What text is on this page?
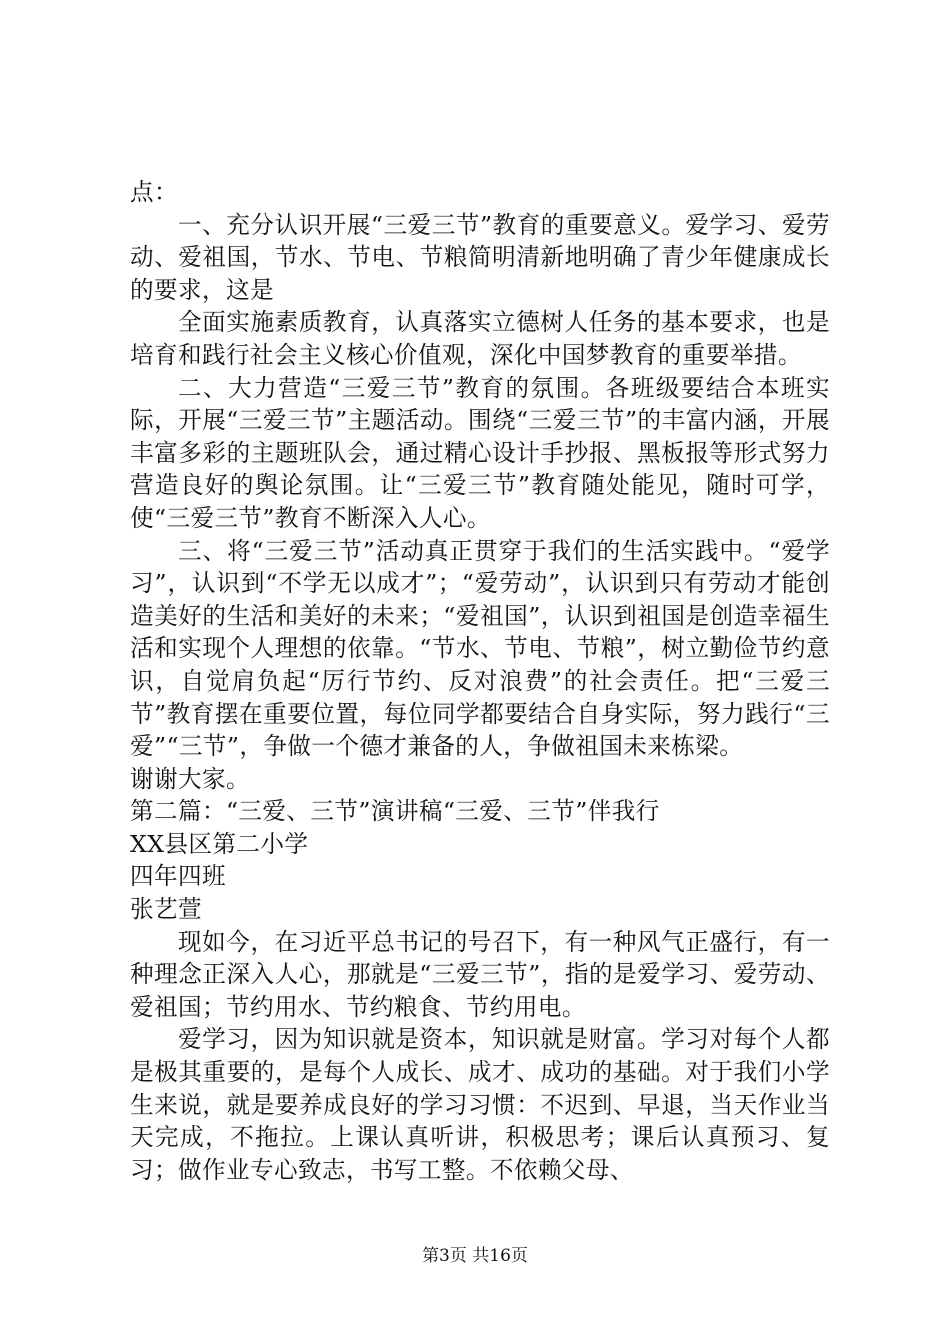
点：

一、充分认识开展“三爱三节”教育的重要意义。爱学习、爱劳动、爱祖国，节水、节电、节粮简明清新地明确了青少年健康成长的要求，这是

全面实施素质教育，认真落实立德树人任务的基本要求，也是培育和践行社会主义核心价值观，深化中国梦教育的重要举措。

二、大力营造“三爱三节”教育的氛围。各班级要结合本班实际，开展“三爱三节”主题活动。围绕“三爱三节”的丰富内涵，开展丰富多彩的主题班队会，通过精心设计手抄报、黑板报等形式努力营造良好的舆论氛围。让“三爱三节”教育随处能见，随时可学，使“三爱三节”教育不断深入人心。

三、将“三爱三节”活动真正贯穿于我们的生活实践中。“爱学习”，认识到“不学无以成才”；“爱劳动”，认识到只有劳动才能创造美好的生活和美好的未来；“爱祖国”，认识到祖国是创造幸福生活和实现个人理想的依靠。“节水、节电、节粮”，树立勤俭节约意识，自觉肩负起“厉行节约、反对浪费”的社会责任。把“三爱三节”教育摆在重要位置，每位同学都要结合自身实际，努力践行“三爱”“三节”，争做一个德才兼备的人，争做祖国未来栋梁。

谢谢大家。

第二篇：“三爱、三节”演讲稿“三爱、三节”伴我行

XX县区第二小学

四年四班

张艺萱

现如今，在习近平总书记的号召下，有一种风气正盛行，有一种理念正深入人心，那就是“三爱三节”，指的是爱学习、爱劳动、爱祖国；节约用水、节约粮食、节约用电。

爱学习，因为知识就是资本，知识就是财富。学习对每个人都是极其重要的，是每个人成长、成才、成功的基础。对于我们小学生来说，就是要养成良好的学习习惯：不迟到、早退，当天作业当天完成，不拖拉。上课认真听讲，积极思考；课后认真预习、复习；做作业专心致志，书写工整。不依赖父母、

第3页 共16页
